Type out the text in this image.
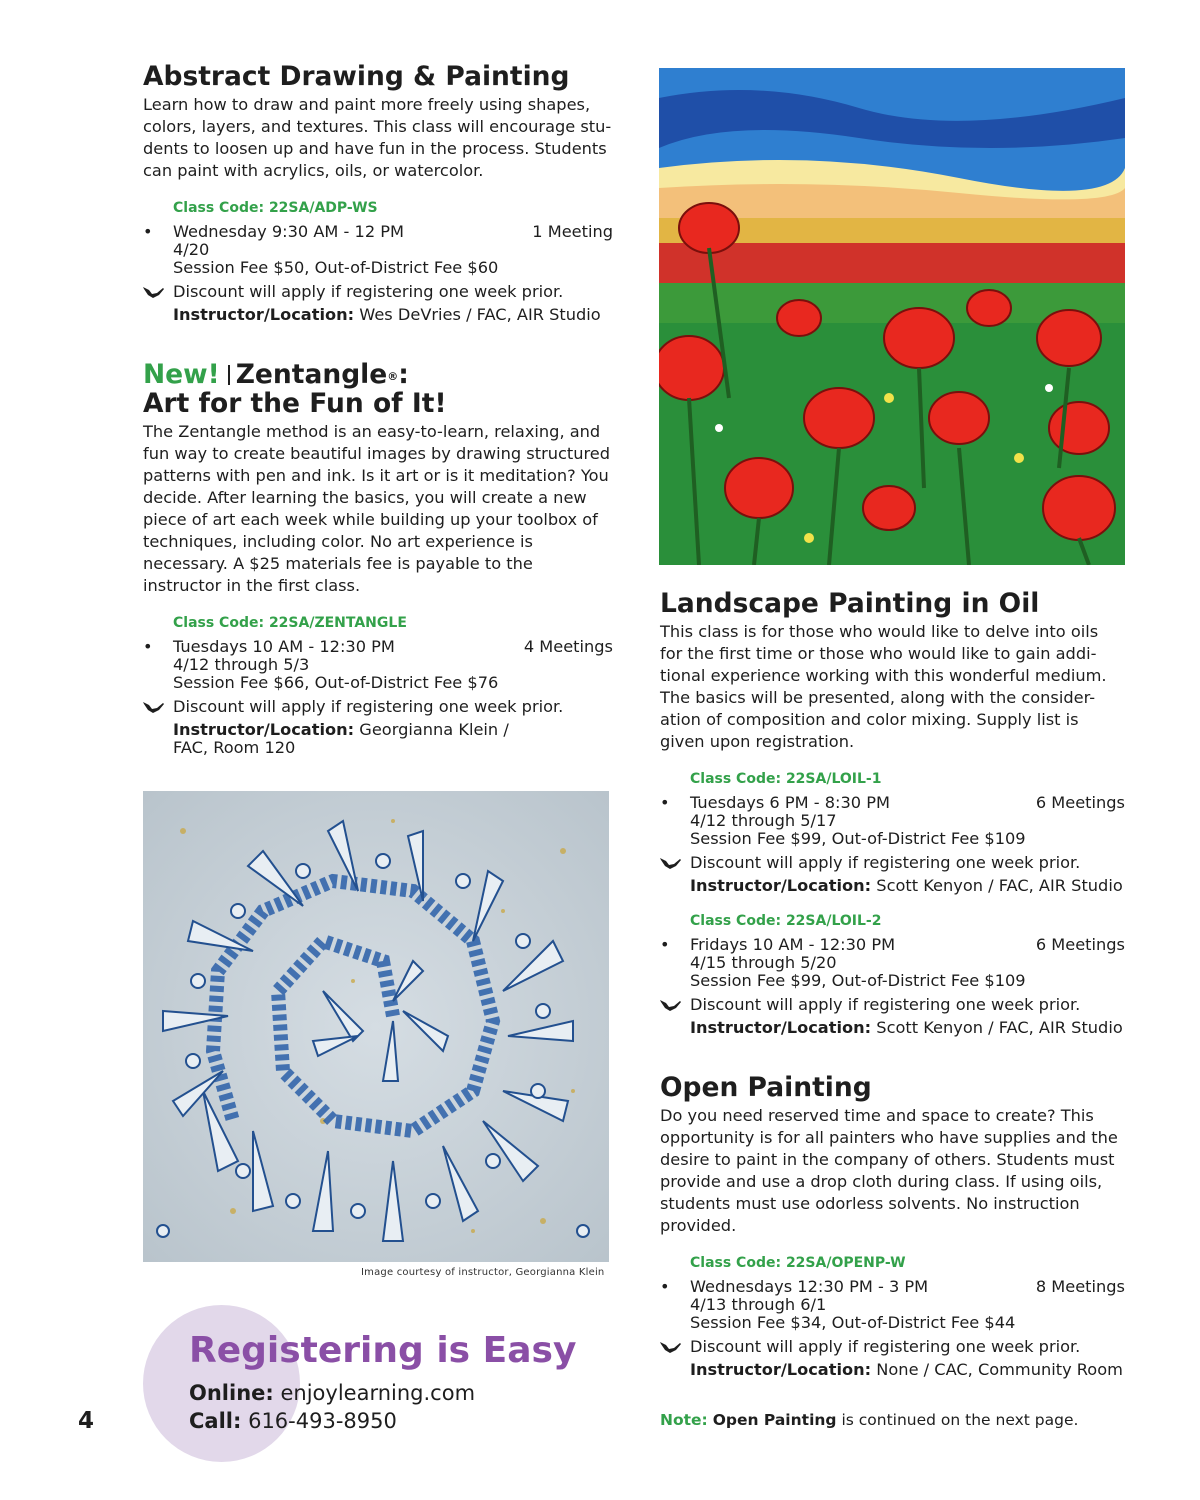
Abstract Drawing & Painting

Learn how to draw and paint more freely using shapes, colors, layers, and textures. This class will encourage stu-dents to loosen up and have fun in the process. Students can paint with acrylics, oils, or watercolor.

Class Code: 22SA/ADP-WS
• Wednesday 9:30 AM - 12 PM	1 Meeting
4/20
Session Fee $50, Out-of-District Fee $60
Discount will apply if registering one week prior.
Instructor/Location: Wes DeVries / FAC, AIR Studio
New! Zentangle®:
Art for the Fun of It!

The Zentangle method is an easy-to-learn, relaxing, and fun way to create beautiful images by drawing structured patterns with pen and ink. Is it art or is it meditation? You decide. After learning the basics, you will create a new piece of art each week while building up your toolbox of techniques, including color. No art experience is necessary. A $25 materials fee is payable to the instructor in the first class.

Class Code: 22SA/ZENTANGLE
• Tuesdays 10 AM - 12:30 PM	4 Meetings
4/12 through 5/3
Session Fee $66, Out-of-District Fee $76
Discount will apply if registering one week prior.
Instructor/Location: Georgianna Klein /
FAC, Room 120
Image courtesy of instructor, Georgianna Klein
Landscape Painting in Oil

This class is for those who would like to delve into oils for the first time or those who would like to gain addi-tional experience working with this wonderful medium. The basics will be presented, along with the consider-ation of composition and color mixing. Supply list is given upon registration.

Class Code: 22SA/LOIL-1
• Tuesdays 6 PM - 8:30 PM	6 Meetings
4/12 through 5/17
Session Fee $99, Out-of-District Fee $109
Discount will apply if registering one week prior.
Instructor/Location: Scott Kenyon / FAC, AIR Studio
Class Code: 22SA/LOIL-2
• Fridays 10 AM - 12:30 PM	6 Meetings
4/15 through 5/20
Session Fee $99, Out-of-District Fee $109
Discount will apply if registering one week prior.
Instructor/Location: Scott Kenyon / FAC, AIR Studio
Open Painting

Do you need reserved time and space to create? This opportunity is for all painters who have supplies and the desire to paint in the company of others. Students must provide and use a drop cloth during class. If using oils, students must use odorless solvents. No instruction provided.

Class Code: 22SA/OPENP-W
• Wednesdays 12:30 PM - 3 PM	8 Meetings
4/13 through 6/1
Session Fee $34, Out-of-District Fee $44
Discount will apply if registering one week prior.
Instructor/Location: None / CAC, Community Room
Registering is Easy
Online: enjoylearning.com
Call: 616-493-8950
4	Note: Open Painting is continued on the next page.
